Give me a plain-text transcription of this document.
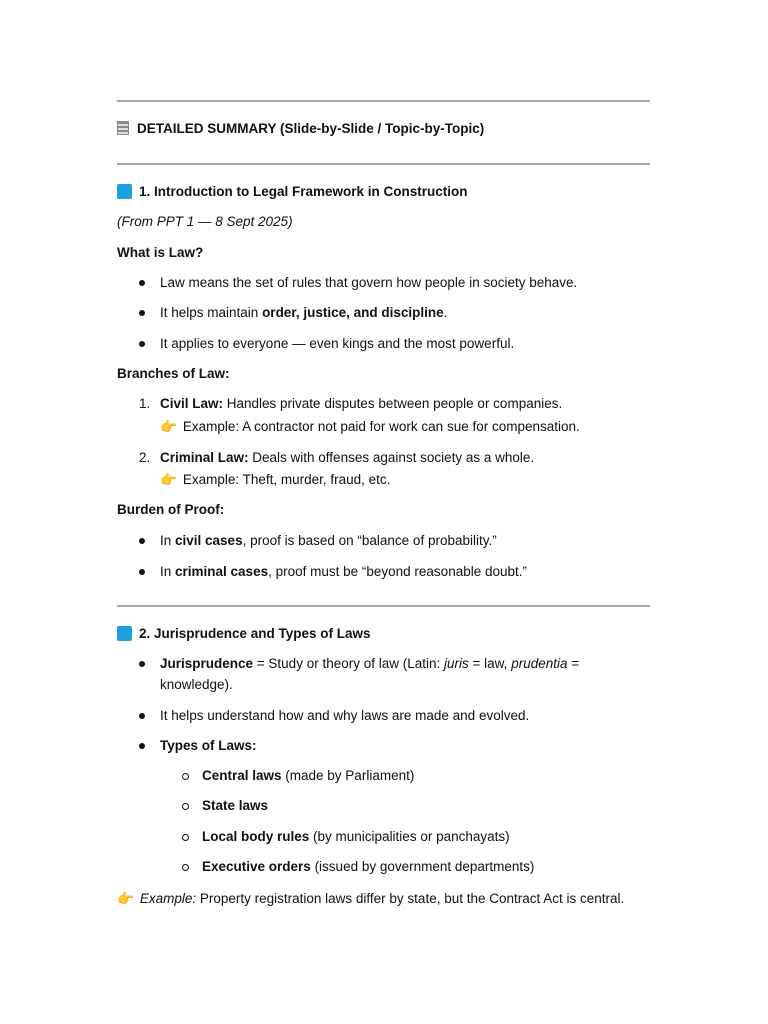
DETAILED SUMMARY (Slide-by-Slide / Topic-by-Topic)
1. Introduction to Legal Framework in Construction
(From PPT 1 — 8 Sept 2025)
What is Law?
Law means the set of rules that govern how people in society behave.
It helps maintain order, justice, and discipline.
It applies to everyone — even kings and the most powerful.
Branches of Law:
1. Civil Law: Handles private disputes between people or companies.
👉 Example: A contractor not paid for work can sue for compensation.
2. Criminal Law: Deals with offenses against society as a whole.
👉 Example: Theft, murder, fraud, etc.
Burden of Proof:
In civil cases, proof is based on “balance of probability.”
In criminal cases, proof must be “beyond reasonable doubt.”
2. Jurisprudence and Types of Laws
Jurisprudence = Study or theory of law (Latin: juris = law, prudentia =
knowledge).
It helps understand how and why laws are made and evolved.
Types of Laws:
Central laws (made by Parliament)
State laws
Local body rules (by municipalities or panchayats)
Executive orders (issued by government departments)
👉 Example: Property registration laws differ by state, but the Contract Act is central.
